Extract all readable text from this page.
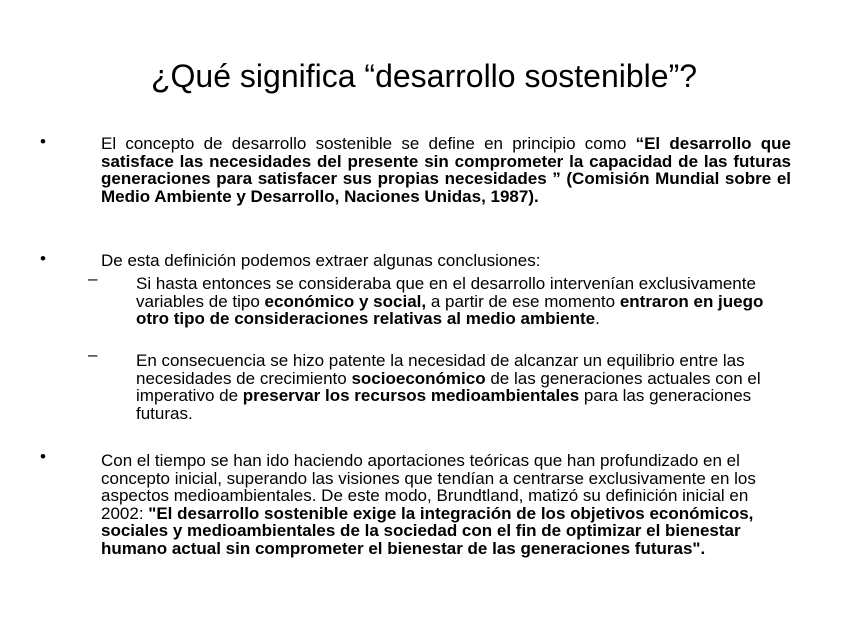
¿Qué significa “desarrollo sostenible”?
•	El concepto de desarrollo sostenible se define en principio como “El desarrollo que satisface las necesidades del presente sin comprometer la capacidad de las futuras generaciones para satisfacer sus propias necesidades ” (Comisión Mundial sobre el Medio Ambiente y Desarrollo, Naciones Unidas, 1987).
•	De esta definición podemos extraer algunas conclusiones:
– Si hasta entonces se consideraba que en el desarrollo intervenían exclusivamente variables de tipo económico y social, a partir de ese momento entraron en juego otro tipo de consideraciones relativas al medio ambiente.
– En consecuencia se hizo patente la necesidad de alcanzar un equilibrio entre las necesidades de crecimiento socioeconómico de las generaciones actuales con el imperativo de preservar los recursos medioambientales para las generaciones futuras.
•	Con el tiempo se han ido haciendo aportaciones teóricas que han profundizado en el concepto inicial, superando las visiones que tendían a centrarse exclusivamente en los aspectos medioambientales. De este modo, Brundtland, matizó su definición inicial en 2002: "El desarrollo sostenible exige la integración de los objetivos económicos, sociales y medioambientales de la sociedad con el fin de optimizar el bienestar humano actual sin comprometer el bienestar de las generaciones futuras".
